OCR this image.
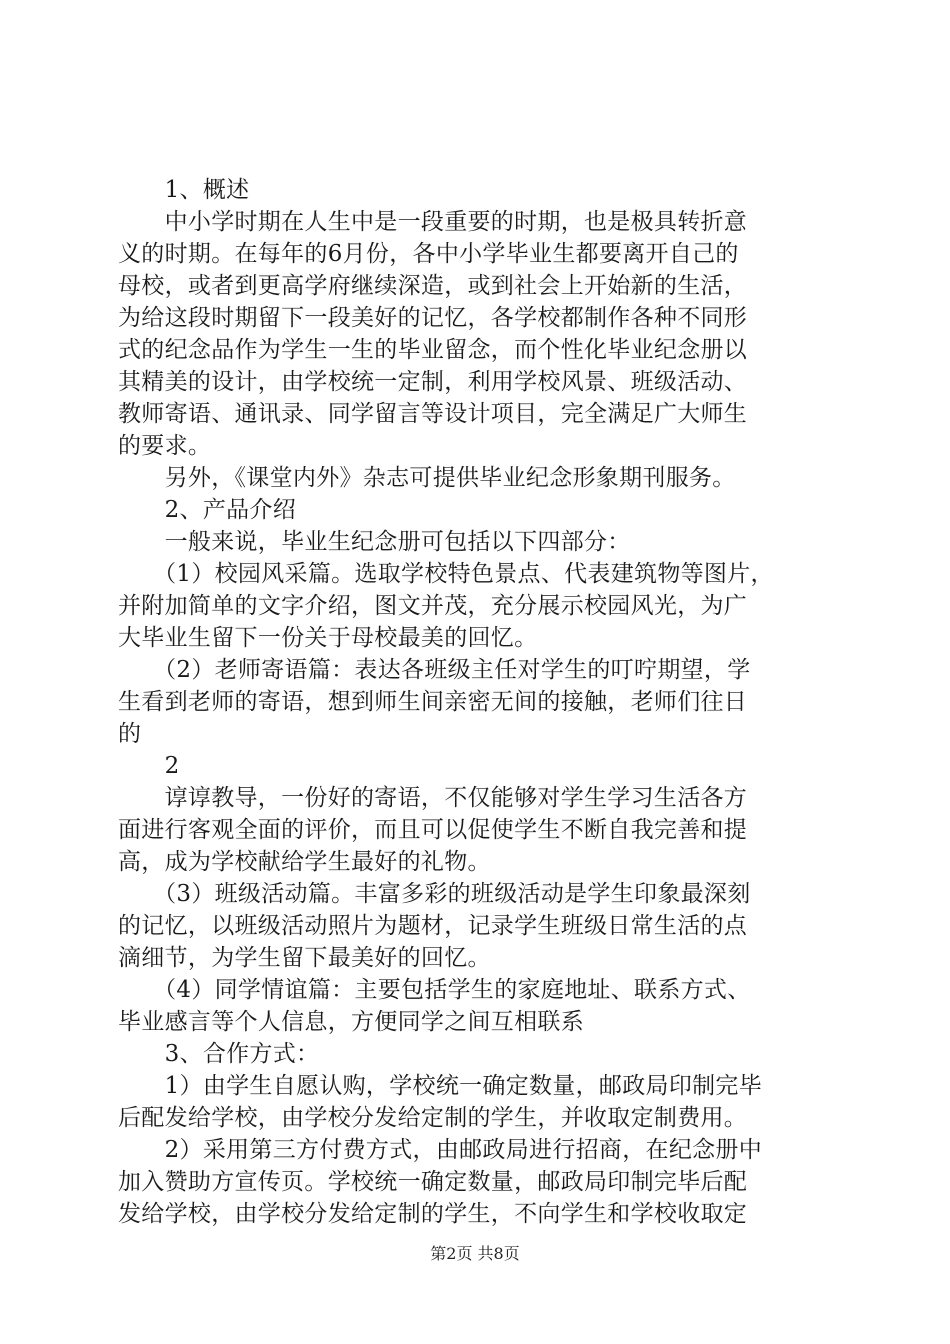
　　1、概述
　　中小学时期在人生中是一段重要的时期，也是极具转折意
义的时期。在每年的6月份，各中小学毕业生都要离开自己的
母校，或者到更高学府继续深造，或到社会上开始新的生活，
为给这段时期留下一段美好的记忆，各学校都制作各种不同形
式的纪念品作为学生一生的毕业留念，而个性化毕业纪念册以
其精美的设计，由学校统一定制，利用学校风景、班级活动、
教师寄语、通讯录、同学留言等设计项目，完全满足广大师生
的要求。
　　另外，《课堂内外》杂志可提供毕业纪念形象期刊服务。
　　2、产品介绍
　　一般来说，毕业生纪念册可包括以下四部分：
　　（1）校园风采篇。选取学校特色景点、代表建筑物等图片，
并附加简单的文字介绍，图文并茂，充分展示校园风光，为广
大毕业生留下一份关于母校最美的回忆。
　　（2）老师寄语篇：表达各班级主任对学生的叮咛期望，学
生看到老师的寄语，想到师生间亲密无间的接触，老师们往日
的
　　2
　　谆谆教导，一份好的寄语，不仅能够对学生学习生活各方
面进行客观全面的评价，而且可以促使学生不断自我完善和提
高，成为学校献给学生最好的礼物。
　　（3）班级活动篇。丰富多彩的班级活动是学生印象最深刻
的记忆，以班级活动照片为题材，记录学生班级日常生活的点
滴细节，为学生留下最美好的回忆。
　　（4）同学情谊篇：主要包括学生的家庭地址、联系方式、
毕业感言等个人信息，方便同学之间互相联系
　　3、合作方式：
　　1）由学生自愿认购，学校统一确定数量，邮政局印制完毕
后配发给学校，由学校分发给定制的学生，并收取定制费用。
　　2）采用第三方付费方式，由邮政局进行招商，在纪念册中
加入赞助方宣传页。学校统一确定数量，邮政局印制完毕后配
发给学校，由学校分发给定制的学生，不向学生和学校收取定
第2页 共8页
